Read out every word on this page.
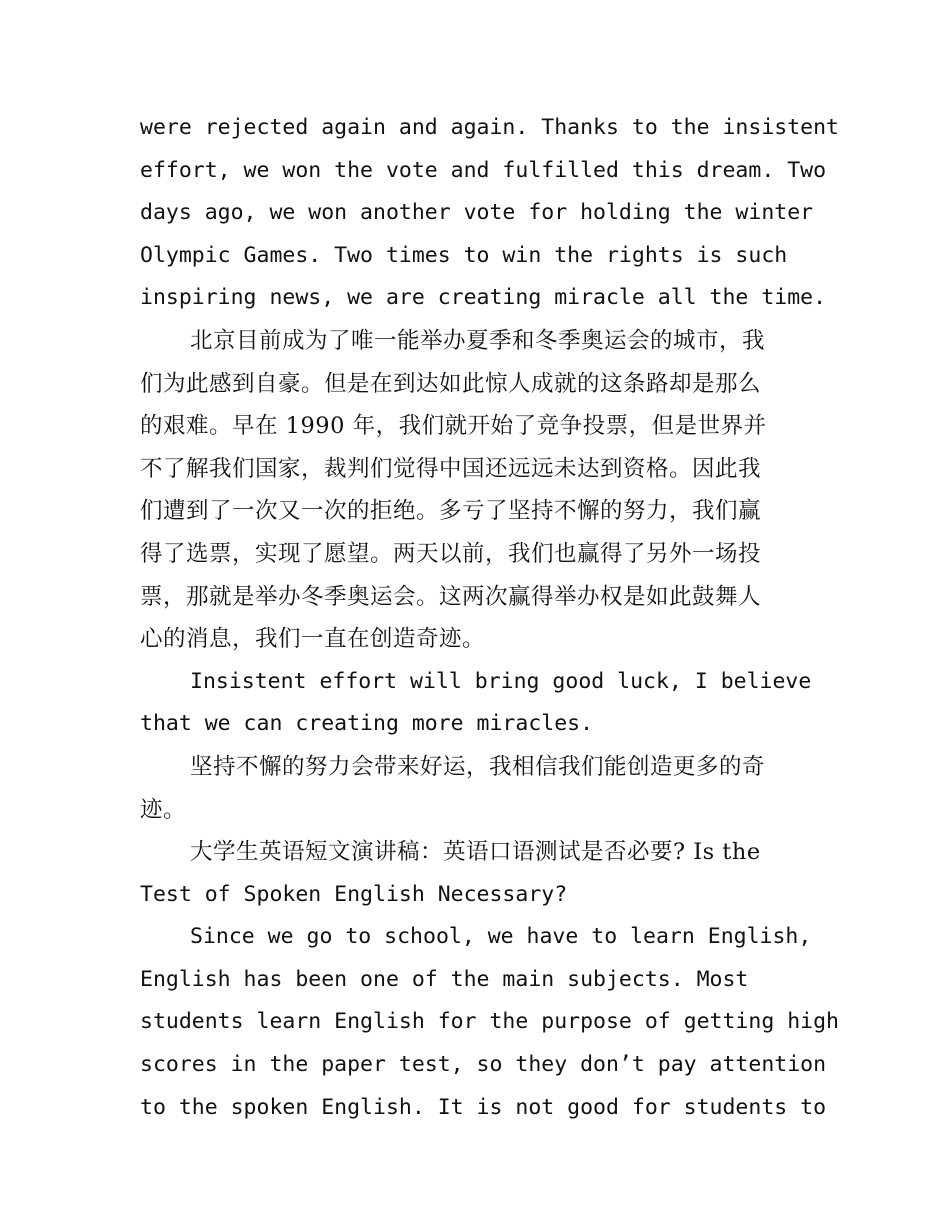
were rejected again and again. Thanks to the insistent
effort, we won the vote and fulfilled this dream. Two
days ago, we won another vote for holding the winter
Olympic Games. Two times to win the rights is such
inspiring news, we are creating miracle all the time.
北京目前成为了唯一能举办夏季和冬季奥运会的城市，我
们为此感到自豪。但是在到达如此惊人成就的这条路却是那么
的艰难。早在 1990 年，我们就开始了竞争投票，但是世界并
不了解我们国家，裁判们觉得中国还远远未达到资格。因此我
们遭到了一次又一次的拒绝。多亏了坚持不懈的努力，我们赢
得了选票，实现了愿望。两天以前，我们也赢得了另外一场投
票，那就是举办冬季奥运会。这两次赢得举办权是如此鼓舞人
心的消息，我们一直在创造奇迹。
Insistent effort will bring good luck, I believe
that we can creating more miracles.
坚持不懈的努力会带来好运，我相信我们能创造更多的奇
迹。
大学生英语短文演讲稿：英语口语测试是否必要? Is the
Test of Spoken English Necessary?
Since we go to school, we have to learn English,
English has been one of the main subjects. Most
students learn English for the purpose of getting high
scores in the paper test, so they don’t pay attention
to the spoken English. It is not good for students to
